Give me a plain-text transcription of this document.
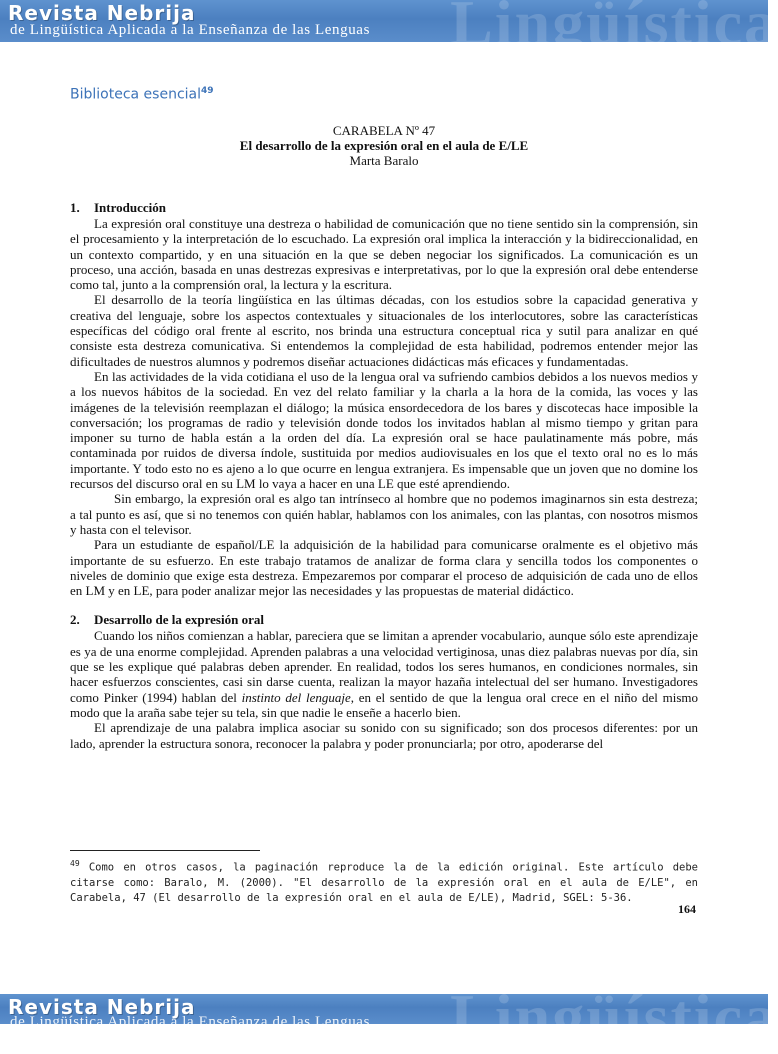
Lingüística
Revista Nebrija
de Lingüística Aplicada a la Enseñanza de las Lenguas
Biblioteca esencial$^{49}$
CARABELA Nº 47
El desarrollo de la expresión oral en el aula de E/LE
Marta Baralo
1. Introducción

La expresión oral constituye una destreza o habilidad de comunicación que no tiene sentido sin la comprensión, sin el procesamiento y la interpretación de lo escuchado. La expresión oral implica la interacción y la bidireccionalidad, en un contexto compartido, y en una situación en la que se deben negociar los significados. La comunicación es un proceso, una acción, basada en unas destrezas expresivas e interpretativas, por lo que la expresión oral debe entenderse como tal, junto a la comprensión oral, la lectura y la escritura.

El desarrollo de la teoría lingüística en las últimas décadas, con los estudios sobre la capacidad generativa y creativa del lenguaje, sobre los aspectos contextuales y situacionales de los interlocutores, sobre las características específicas del código oral frente al escrito, nos brinda una estructura conceptual rica y sutil para analizar en qué consiste esta destreza comunicativa. Si entendemos la complejidad de esta habilidad, podremos entender mejor las dificultades de nuestros alumnos y podremos diseñar actuaciones didácticas más eficaces y fundamentadas.

En las actividades de la vida cotidiana el uso de la lengua oral va sufriendo cambios debidos a los nuevos medios y a los nuevos hábitos de la sociedad. En vez del relato familiar y la charla a la hora de la comida, las voces y las imágenes de la televisión reemplazan el diálogo; la música ensordecedora de los bares y discotecas hace imposible la conversación; los programas de radio y televisión donde todos los invitados hablan al mismo tiempo y gritan para imponer su turno de habla están a la orden del día. La expresión oral se hace paulatinamente más pobre, más contaminada por ruidos de diversa índole, sustituida por medios audiovisuales en los que el texto oral no es lo más importante. Y todo esto no es ajeno a lo que ocurre en lengua extranjera. Es impensable que un joven que no domine los recursos del discurso oral en su LM lo vaya a hacer en una LE que esté aprendiendo.

Sin embargo, la expresión oral es algo tan intrínseco al hombre que no podemos imaginarnos sin esta destreza; a tal punto es así, que si no tenemos con quién hablar, hablamos con los animales, con las plantas, con nosotros mismos y hasta con el televisor.

Para un estudiante de español/LE la adquisición de la habilidad para comunicarse oralmente es el objetivo más importante de su esfuerzo. En este trabajo tratamos de analizar de forma clara y sencilla todos los componentes o niveles de dominio que exige esta destreza. Empezaremos por comparar el proceso de adquisición de cada uno de ellos en LM y en LE, para poder analizar mejor las necesidades y las propuestas de material didáctico.

2. Desarrollo de la expresión oral

Cuando los niños comienzan a hablar, pareciera que se limitan a aprender vocabulario, aunque sólo este aprendizaje es ya de una enorme complejidad. Aprenden palabras a una velocidad vertiginosa, unas diez palabras nuevas por día, sin que se les explique qué palabras deben aprender. En realidad, todos los seres humanos, en condiciones normales, sin hacer esfuerzos conscientes, casi sin darse cuenta, realizan la mayor hazaña intelectual del ser humano. Investigadores como Pinker (1994) hablan del instinto del lenguaje, en el sentido de que la lengua oral crece en el niño del mismo modo que la araña sabe tejer su tela, sin que nadie le enseñe a hacerlo bien.

El aprendizaje de una palabra implica asociar su sonido con su significado; son dos procesos diferentes: por un lado, aprender la estructura sonora, reconocer la palabra y poder pronunciarla; por otro, apoderarse del

$^{49}$ Como en otros casos, la paginación reproduce la de la edición original. Este artículo debe citarse como: Baralo, M. (2000). "El desarrollo de la expresión oral en el aula de E/LE", en Carabela, 47 (El desarrollo de la expresión oral en el aula de E/LE), Madrid, SGEL: 5-36.
164
Lingüística
Revista Nebrija
de Lingüística Aplicada a la Enseñanza de las Lenguas
